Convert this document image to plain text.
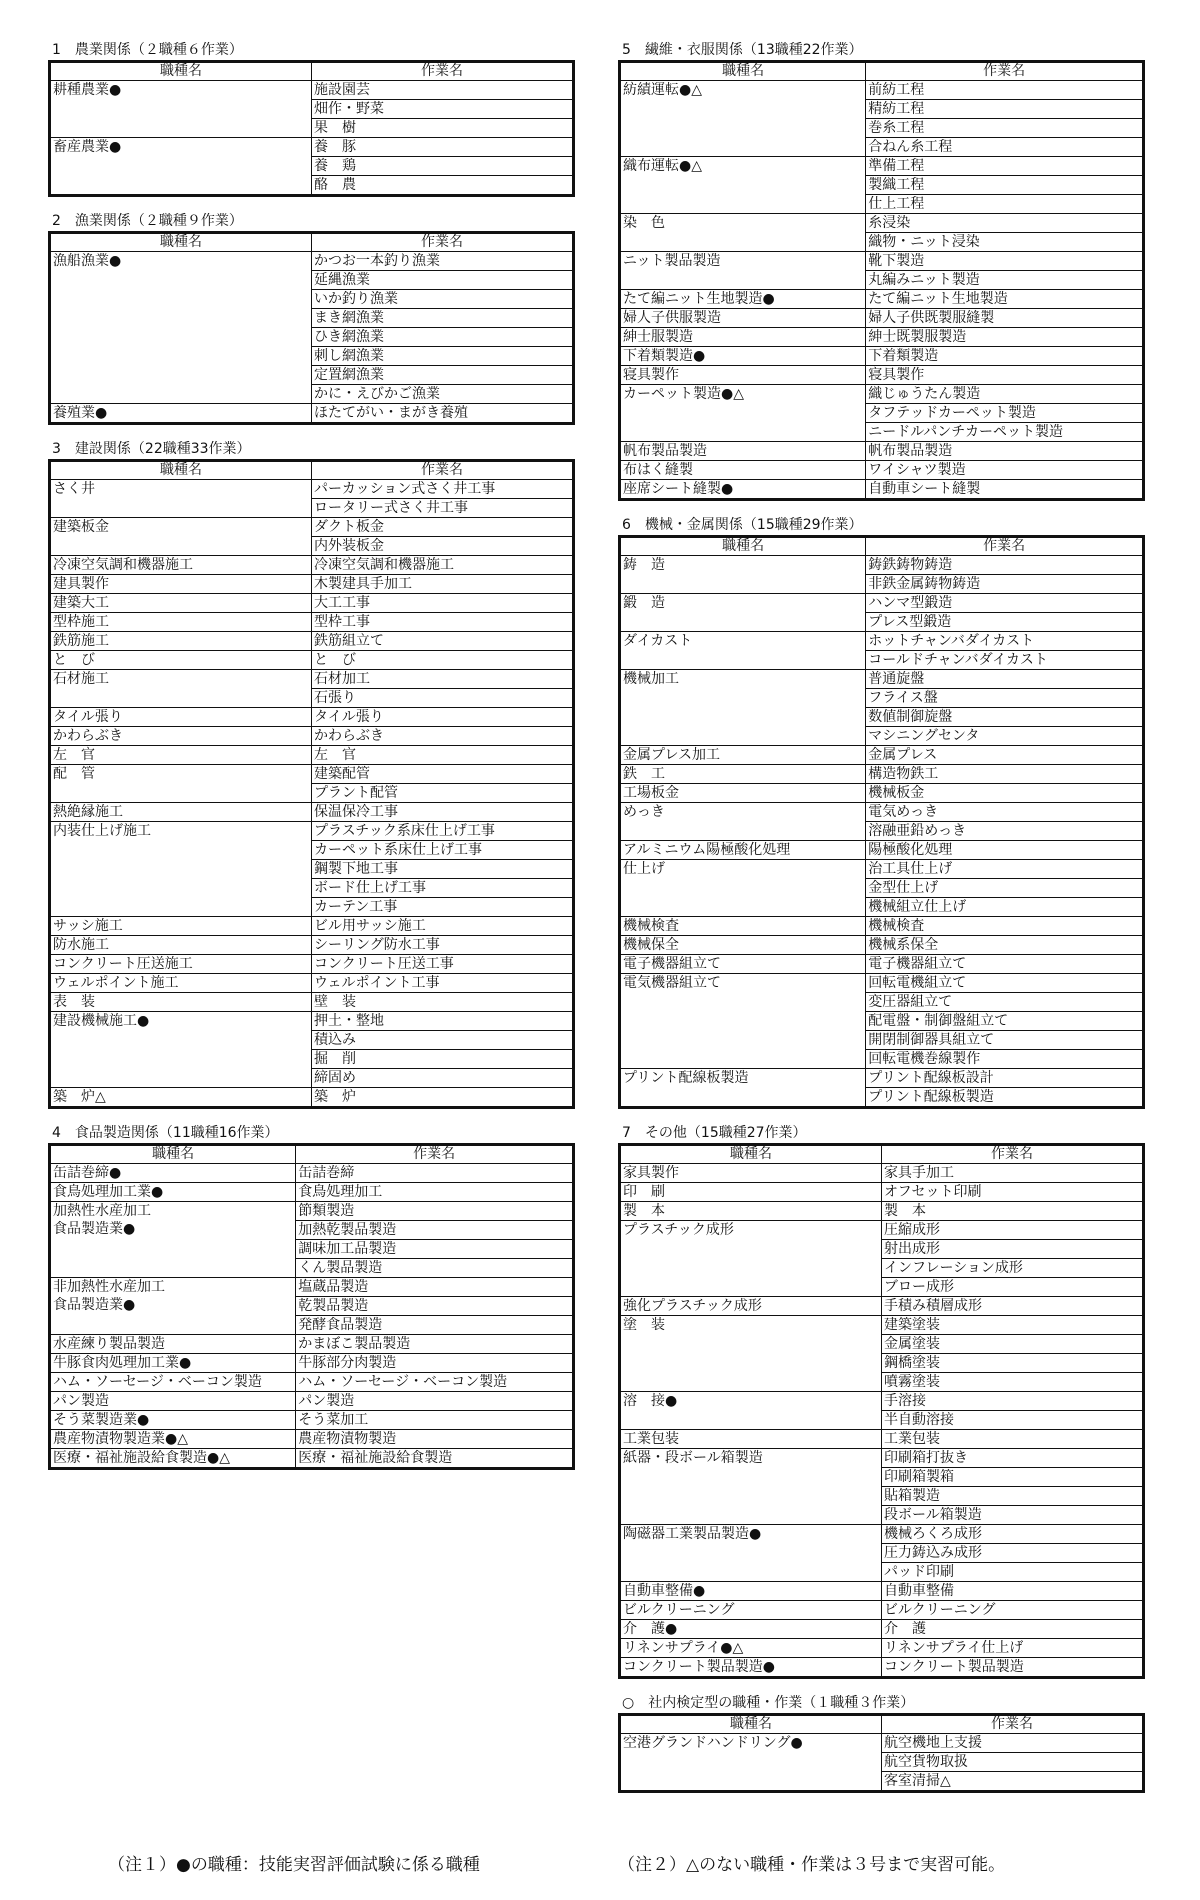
1　農業関係（２職種６作業）
職種名	作業名

耕種農業●	施設園芸
	畑作・野菜
	果　樹

畜産農業●	養　豚
	養　鶏
	酪　農
2　漁業関係（２職種９作業）
職種名	作業名

漁船漁業●	かつお一本釣り漁業
	延縄漁業
	いか釣り漁業
	まき網漁業
	ひき網漁業
	刺し網漁業
	定置網漁業
	かに・えびかご漁業

養殖業●	ほたてがい・まがき養殖
3　建設関係（22職種33作業）
職種名	作業名

さく井	パーカッション式さく井工事
	ロータリー式さく井工事

建築板金	ダクト板金
	内外装板金

冷凍空気調和機器施工	冷凍空気調和機器施工

建具製作	木製建具手加工

建築大工	大工工事

型枠施工	型枠工事

鉄筋施工	鉄筋組立て

と　び	と　び

石材施工	石材加工
	石張り

タイル張り	タイル張り

かわらぶき	かわらぶき

左　官	左　官

配　管	建築配管
	プラント配管

熱絶縁施工	保温保冷工事

内装仕上げ施工	プラスチック系床仕上げ工事
	カーペット系床仕上げ工事
	鋼製下地工事
	ボード仕上げ工事
	カーテン工事

サッシ施工	ビル用サッシ施工

防水施工	シーリング防水工事

コンクリート圧送施工	コンクリート圧送工事

ウェルポイント施工	ウェルポイント工事

表　装	壁　装

建設機械施工●	押土・整地
	積込み
	掘　削
	締固め

築　炉△	築　炉
4　食品製造関係（11職種16作業）
職種名	作業名

缶詰巻締●	缶詰巻締

食鳥処理加工業●	食鳥処理加工

加熱性水産加工
食品製造業●	節類製造
	加熱乾製品製造
	調味加工品製造
	くん製品製造

非加熱性水産加工
食品製造業●	塩蔵品製造
	乾製品製造
	発酵食品製造

水産練り製品製造	かまぼこ製品製造

牛豚食肉処理加工業●	牛豚部分肉製造

ハム・ソーセージ・ベーコン製造	ハム・ソーセージ・ベーコン製造

パン製造	パン製造

そう菜製造業●	そう菜加工

農産物漬物製造業●△	農産物漬物製造

医療・福祉施設給食製造●△	医療・福祉施設給食製造
5　繊維・衣服関係（13職種22作業）
職種名	作業名

紡績運転●△	前紡工程
	精紡工程
	巻糸工程
	合ねん糸工程

織布運転●△	準備工程
	製織工程
	仕上工程

染　色	糸浸染
	織物・ニット浸染

ニット製品製造	靴下製造
	丸編みニット製造

たて編ニット生地製造●	たて編ニット生地製造

婦人子供服製造	婦人子供既製服縫製

紳士服製造	紳士既製服製造

下着類製造●	下着類製造

寝具製作	寝具製作

カーペット製造●△	織じゅうたん製造
	タフテッドカーペット製造
	ニードルパンチカーペット製造

帆布製品製造	帆布製品製造

布はく縫製	ワイシャツ製造

座席シート縫製●	自動車シート縫製
6　機械・金属関係（15職種29作業）
職種名	作業名

鋳　造	鋳鉄鋳物鋳造
	非鉄金属鋳物鋳造

鍛　造	ハンマ型鍛造
	プレス型鍛造

ダイカスト	ホットチャンバダイカスト
	コールドチャンバダイカスト

機械加工	普通旋盤
	フライス盤
	数値制御旋盤
	マシニングセンタ

金属プレス加工	金属プレス

鉄　工	構造物鉄工

工場板金	機械板金

めっき	電気めっき
	溶融亜鉛めっき

アルミニウム陽極酸化処理	陽極酸化処理

仕上げ	治工具仕上げ
	金型仕上げ
	機械組立仕上げ

機械検査	機械検査

機械保全	機械系保全

電子機器組立て	電子機器組立て

電気機器組立て	回転電機組立て
	変圧器組立て
	配電盤・制御盤組立て
	開閉制御器具組立て
	回転電機巻線製作

プリント配線板製造	プリント配線板設計
	プリント配線板製造
7　その他（15職種27作業）
職種名	作業名

家具製作	家具手加工

印　刷	オフセット印刷

製　本	製　本

プラスチック成形	圧縮成形
	射出成形
	インフレーション成形
	ブロー成形

強化プラスチック成形	手積み積層成形

塗　装	建築塗装
	金属塗装
	鋼橋塗装
	噴霧塗装

溶　接●	手溶接
	半自動溶接

工業包装	工業包装

紙器・段ボール箱製造	印刷箱打抜き
	印刷箱製箱
	貼箱製造
	段ボール箱製造

陶磁器工業製品製造●	機械ろくろ成形
	圧力鋳込み成形
	パッド印刷

自動車整備●	自動車整備

ビルクリーニング	ビルクリーニング

介　護●	介　護

リネンサプライ●△	リネンサプライ仕上げ

コンクリート製品製造●	コンクリート製品製造
○　社内検定型の職種・作業（１職種３作業）
職種名	作業名

空港グランドハンドリング●	航空機地上支援
	航空貨物取扱
	客室清掃△
（注１）●の職種：技能実習評価試験に係る職種	（注２）△のない職種・作業は３号まで実習可能。
